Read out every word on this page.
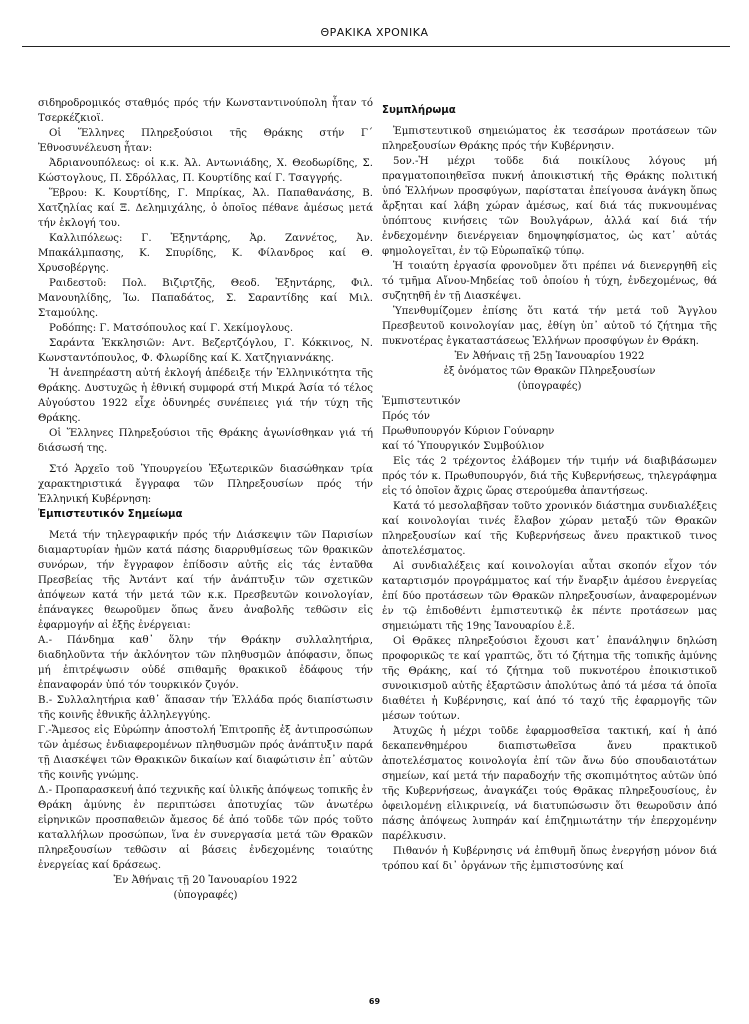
ΘΡΑΚΙΚΑ ΧΡΟΝΙΚΑ

σιδηροδρομικός σταθμός πρός τήν Κωνσταντινούπολη ἦταν τό Τσερκέζκιοϊ.

Οἱ Ἕλληνες Πληρεξούσιοι τῆς Θράκης στήν Γ΄ Ἐθνοσυνέλευση ἦταν:

Ἀδριανουπόλεως: οἱ κ.κ. Ἀλ. Αντωνιάδης, Χ. Θεοδωρίδης, Σ. Κώστογλους, Π. Σδρόλλας, Π. Κουρτίδης καί Γ. Τσαγγρής.

Ἕβρου: Κ. Κουρτίδης, Γ. Μπρίκας, Ἀλ. Παπαθανάσης, Β. Χατζηλίας καί Ξ. Δελημιχάλης, ὁ ὁποῖος πέθανε ἀμέσως μετά τήν ἐκλογή του.

Καλλιπόλεως: Γ. Ἐξηντάρης, Ἀρ. Ζαννέτος, Ἀν. Μπακάλμπασης, Κ. Σπυρίδης, Κ. Φίλανδρος καί Θ. Χρυσοβέργης.

Ραιδεστοῦ: Πολ. Βιζιρτζῆς, Θεοδ. Ἐξηντάρης, Φιλ. Μανουηλίδης, Ἰω. Παπαδάτος, Σ. Σαραντίδης καί Μιλ. Σταμούλης.

Ροδόπης: Γ. Ματσόπουλος καί Γ. Χεκίμογλους.

Σαράντα Ἐκκλησιῶν: Αντ. Βεζερτζόγλου, Γ. Κόκκινος, Ν. Κωνσταντόπουλος, Φ. Φλωρίδης καί Κ. Χατζηγιαννάκης.

Ἡ ἀνεπηρέαστη αὐτή ἐκλογή ἀπέδειξε τήν Ἑλληνικότητα τῆς Θράκης. Δυστυχῶς ἡ ἐθνική συμφορά στή Μικρά Ἀσία τό τέλος Αὐγούστου 1922 εἶχε ὀδυνηρές συνέπειες γιά τήν τύχη τῆς Θράκης.

Οἱ Ἕλληνες Πληρεξούσιοι τῆς Θράκης ἀγωνίσθηκαν γιά τή διάσωσή της.

Στό Ἀρχεῖο τοῦ Ὑπουργείου Ἐξωτερικῶν διασώθηκαν τρία χαρακτηριστικά ἔγγραφα τῶν Πληρεξουσίων πρός τήν Ἑλληνική Κυβέρνηση:

Ἐμπιστευτικόν Σημείωμα

Μετά τήν τηλεγραφικήν πρός τήν Διάσκεψιν τῶν Παρισίων διαμαρτυρίαν ἡμῶν κατά πάσης διαρρυθμίσεως τῶν θρακικῶν συνόρων, τήν ἔγγραφον ἐπίδοσιν αὐτῆς εἰς τάς ἐνταῦθα Πρεσβείας τῆς Ἀντάντ καί τήν ἀνάπτυξιν τῶν σχετικῶν ἀπόψεων κατά τήν μετά τῶν κ.κ. Πρεσβευτῶν κοινολογίαν, ἐπάναγκες θεωροῦμεν ὅπως ἄνευ ἀναβολῆς τεθῶσιν εἰς ἐφαρμογήν αἱ ἑξῆς ἐνέργειαι:

Α.- Πάνδημα καθ᾿ ὅλην τήν Θράκην συλλαλητήρια, διαδηλοῦντα τήν ἀκλόνητον τῶν πληθυσμῶν ἀπόφασιν, ὅπως μή ἐπιτρέψωσιν οὐδέ σπιθαμῆς θρακικοῦ ἐδάφους τήν ἐπαναφοράν ὑπό τόν τουρκικόν ζυγόν.

Β.- Συλλαλητήρια καθ᾿ ἅπασαν τήν Ἑλλάδα πρός διαπίστωσιν τῆς κοινῆς ἐθνικῆς ἀλληλεγγύης.

Γ.-Ἄμεσος εἰς Εὐρώπην ἀποστολή Ἐπιτροπῆς ἐξ ἀντιπροσώπων τῶν ἀμέσως ἐνδιαφερομένων πληθυσμῶν πρός ἀνάπτυξιν παρά τῇ Διασκέψει τῶν Θρακικῶν δικαίων καί διαφώτισιν ἐπ᾿ αὐτῶν τῆς κοινῆς γνώμης.

Δ.- Προπαρασκευή ἀπό τεχνικῆς καί ὑλικῆς ἀπόψεως τοπικῆς ἐν Θράκη ἀμύνης ἐν περιπτώσει ἀποτυχίας τῶν ἀνωτέρω εἰρηνικῶν προσπαθειῶν ἄμεσος δέ ἀπό τοῦδε τῶν πρός τοῦτο καταλλήλων προσώπων, ἵνα ἐν συνεργασία μετά τῶν Θρακῶν πληρεξουσίων τεθῶσιν αἱ βάσεις ἐνδεχομένης τοιαύτης ἐνεργείας καί δράσεως.

Ἐν Ἀθήναις τῇ 20 Ἰανουαρίου 1922

(ὑπογραφές)

Συμπλήρωμα

Ἐμπιστευτικοῦ σημειώματος ἐκ τεσσάρων προτάσεων τῶν πληρεξουσίων Θράκης πρός τήν Κυβέρνησιν.

5ον.-Ἡ μέχρι τοῦδε διά ποικίλους λόγους μή πραγματοποιηθεῖσα πυκνή ἀποικιστική τῆς Θράκης πολιτική ὑπό Ἑλλήνων προσφύγων, παρίσταται ἐπείγουσα ἀνάγκη ὅπως ἄρξηται καί λάβη χώραν ἀμέσως, καί διά τάς πυκνουμένας ὑπόπτους κινήσεις τῶν Βουλγάρων, ἀλλά καί διά τήν ἐνδεχομένην διενέργειαν δημοψηφίσματος, ὡς κατ᾿ αὐτάς φημολογεῖται, ἐν τῷ Εὐρωπαϊκῷ τύπῳ.

Ἡ τοιαύτη ἐργασία φρονοῦμεν ὅτι πρέπει νά διενεργηθῆ εἰς τό τμῆμα Αἴνου-Μηδείας τοῦ ὁποίου ἡ τύχη, ἐνδεχομένως, θά συζητηθῆ ἐν τῇ Διασκέψει.

Ὑπενθυμίζομεν ἐπίσης ὅτι κατά τήν μετά τοῦ Ἄγγλου Πρεσβευτοῦ κοινολογίαν μας, ἐθίγη ὑπ᾿ αὐτοῦ τό ζήτημα τῆς πυκνοτέρας ἐγκαταστάσεως Ἑλλήνων προσφύγων ἐν Θράκη.

Ἐν Ἀθήναις τῇ 25ῃ Ἰανουαρίου 1922

ἐξ ὀνόματος τῶν Θρακῶν Πληρεξουσίων

(ὑπογραφές)

Ἐμπιστευτικόν

Πρός τόν

Πρωθυπουργόν Κύριον Γούναρην

καί τό Ὑπουργικόν Συμβούλιον

Εἰς τάς 2 τρέχοντος ἐλάβομεν τήν τιμήν νά διαβιβάσωμεν πρός τόν κ. Πρωθυπουργόν, διά τῆς Κυβερνήσεως, τηλεγράφημα εἰς τό ὁποῖον ἄχρις ὥρας στερούμεθα ἀπαντήσεως.

Κατά τό μεσολαβῆσαν τοῦτο χρονικόν διάστημα συνδιαλέξεις καί κοινολογίαι τινές ἔλαβον χώραν μεταξύ τῶν Θρακῶν πληρεξουσίων καί τῆς Κυβερνήσεως ἄνευ πρακτικοῦ τινος ἀποτελέσματος.

Αἱ συνδιαλέξεις καί κοινολογίαι αὗται σκοπόν εἶχον τόν καταρτισμόν προγράμματος καί τήν ἔναρξιν ἀμέσου ἐνεργείας ἐπί δύο προτάσεων τῶν Θρακῶν πληρεξουσίων, ἀναφερομένων ἐν τῷ ἐπιδοθέντι ἐμπιστευτικῷ ἐκ πέντε προτάσεων μας σημειώματι τῆς 19ης Ἰανουαρίου ἐ.ἔ.

Οἱ Θρᾶκες πληρεξούσιοι ἔχουσι κατ᾿ ἐπανάληψιν δηλώση προφορικῶς τε καί γραπτῶς, ὅτι τό ζήτημα τῆς τοπικῆς ἀμύνης τῆς Θράκης, καί τό ζήτημα τοῦ πυκνοτέρου ἐποικιστικοῦ συνοικισμοῦ αὐτῆς ἐξαρτῶσιν ἀπολύτως ἀπό τά μέσα τά ὁποῖα διαθέτει ἡ Κυβέρνησις, καί ἀπό τό ταχύ τῆς ἐφαρμογῆς τῶν μέσων τούτων.

Ἀτυχῶς ἡ μέχρι τοῦδε ἐφαρμοσθεῖσα τακτική, καί ἡ ἀπό δεκαπενθημέρου διαπιστωθεῖσα ἄνευ πρακτικοῦ ἀποτελέσματος κοινολογία ἐπί τῶν ἄνω δύο σπουδαιοτάτων σημείων, καί μετά τήν παραδοχήν τῆς σκοπιμότητος αὐτῶν ὑπό τῆς Κυβερνήσεως, ἀναγκάζει τούς Θρᾶκας πληρεξουσίους, ἐν ὀφειλομένῃ εἰλικρινείᾳ, νά διατυπώσωσιν ὅτι θεωροῦσιν ἀπό πάσης ἀπόψεως λυπηράν καί ἐπιζημιωτάτην τήν ἐπερχομένην παρέλκυσιν.

Πιθανόν ἡ Κυβέρνησις νά ἐπιθυμῆ ὅπως ἐνεργήσῃ μόνον διά τρόπου καί δι᾿ ὀργάνων τῆς ἐμπιστοσύνης καί

69
